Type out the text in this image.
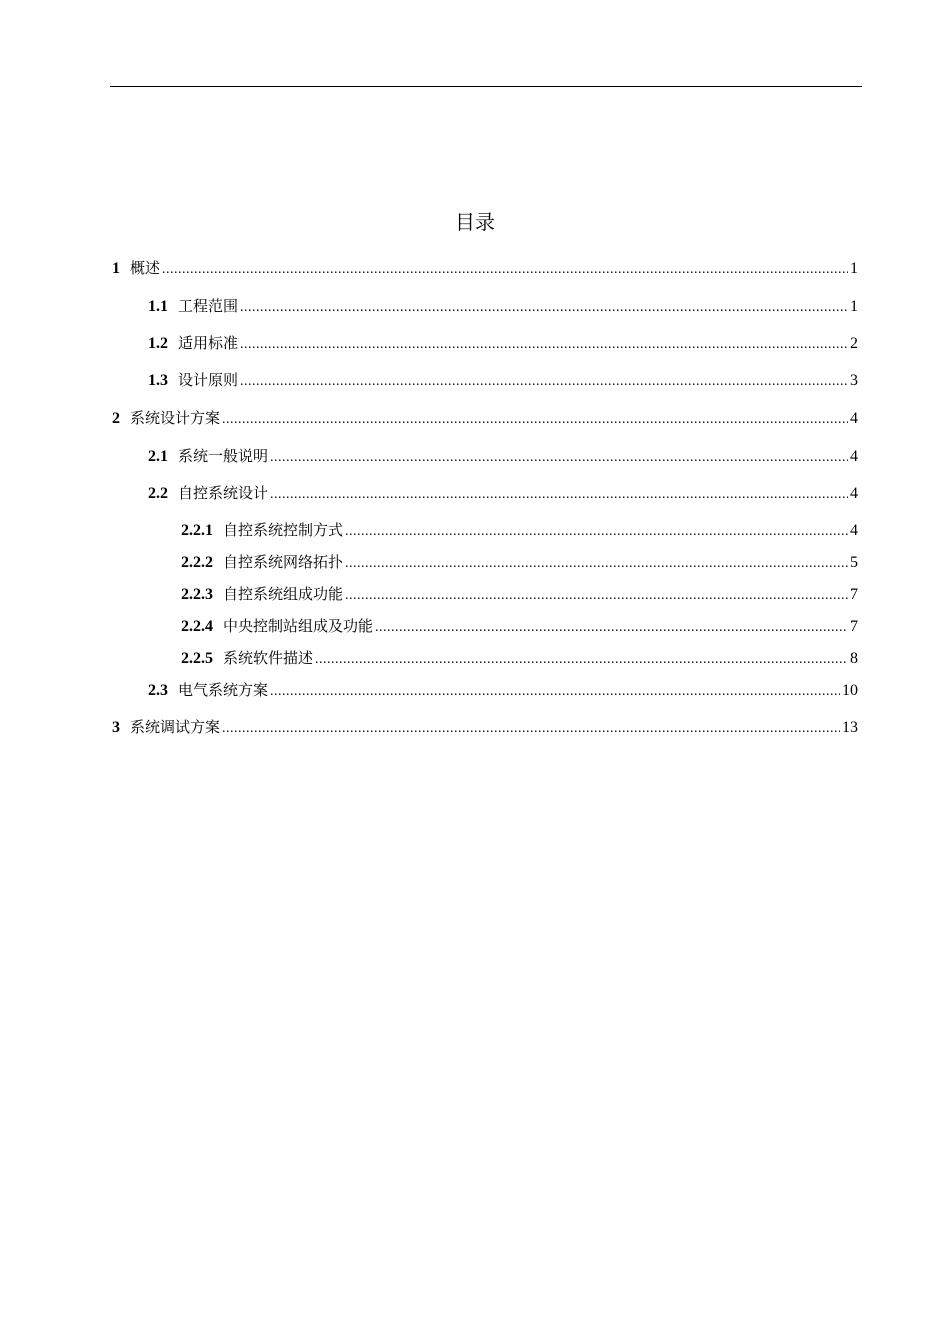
目录
1 概述 .....	1
1.1 工程范围 .....	1
1.2 适用标准 .....	2
1.3 设计原则 .....	3
2 系统设计方案 .....	4
2.1 系统一般说明 .....	4
2.2 自控系统设计 .....	4
2.2.1 自控系统控制方式 .....	4
2.2.2 自控系统网络拓扑 .....	5
2.2.3 自控系统组成功能 .....	7
2.2.4 中央控制站组成及功能 .....	7
2.2.5 系统软件描述 .....	8
2.3 电气系统方案 .....	10
3 系统调试方案 .....	13
